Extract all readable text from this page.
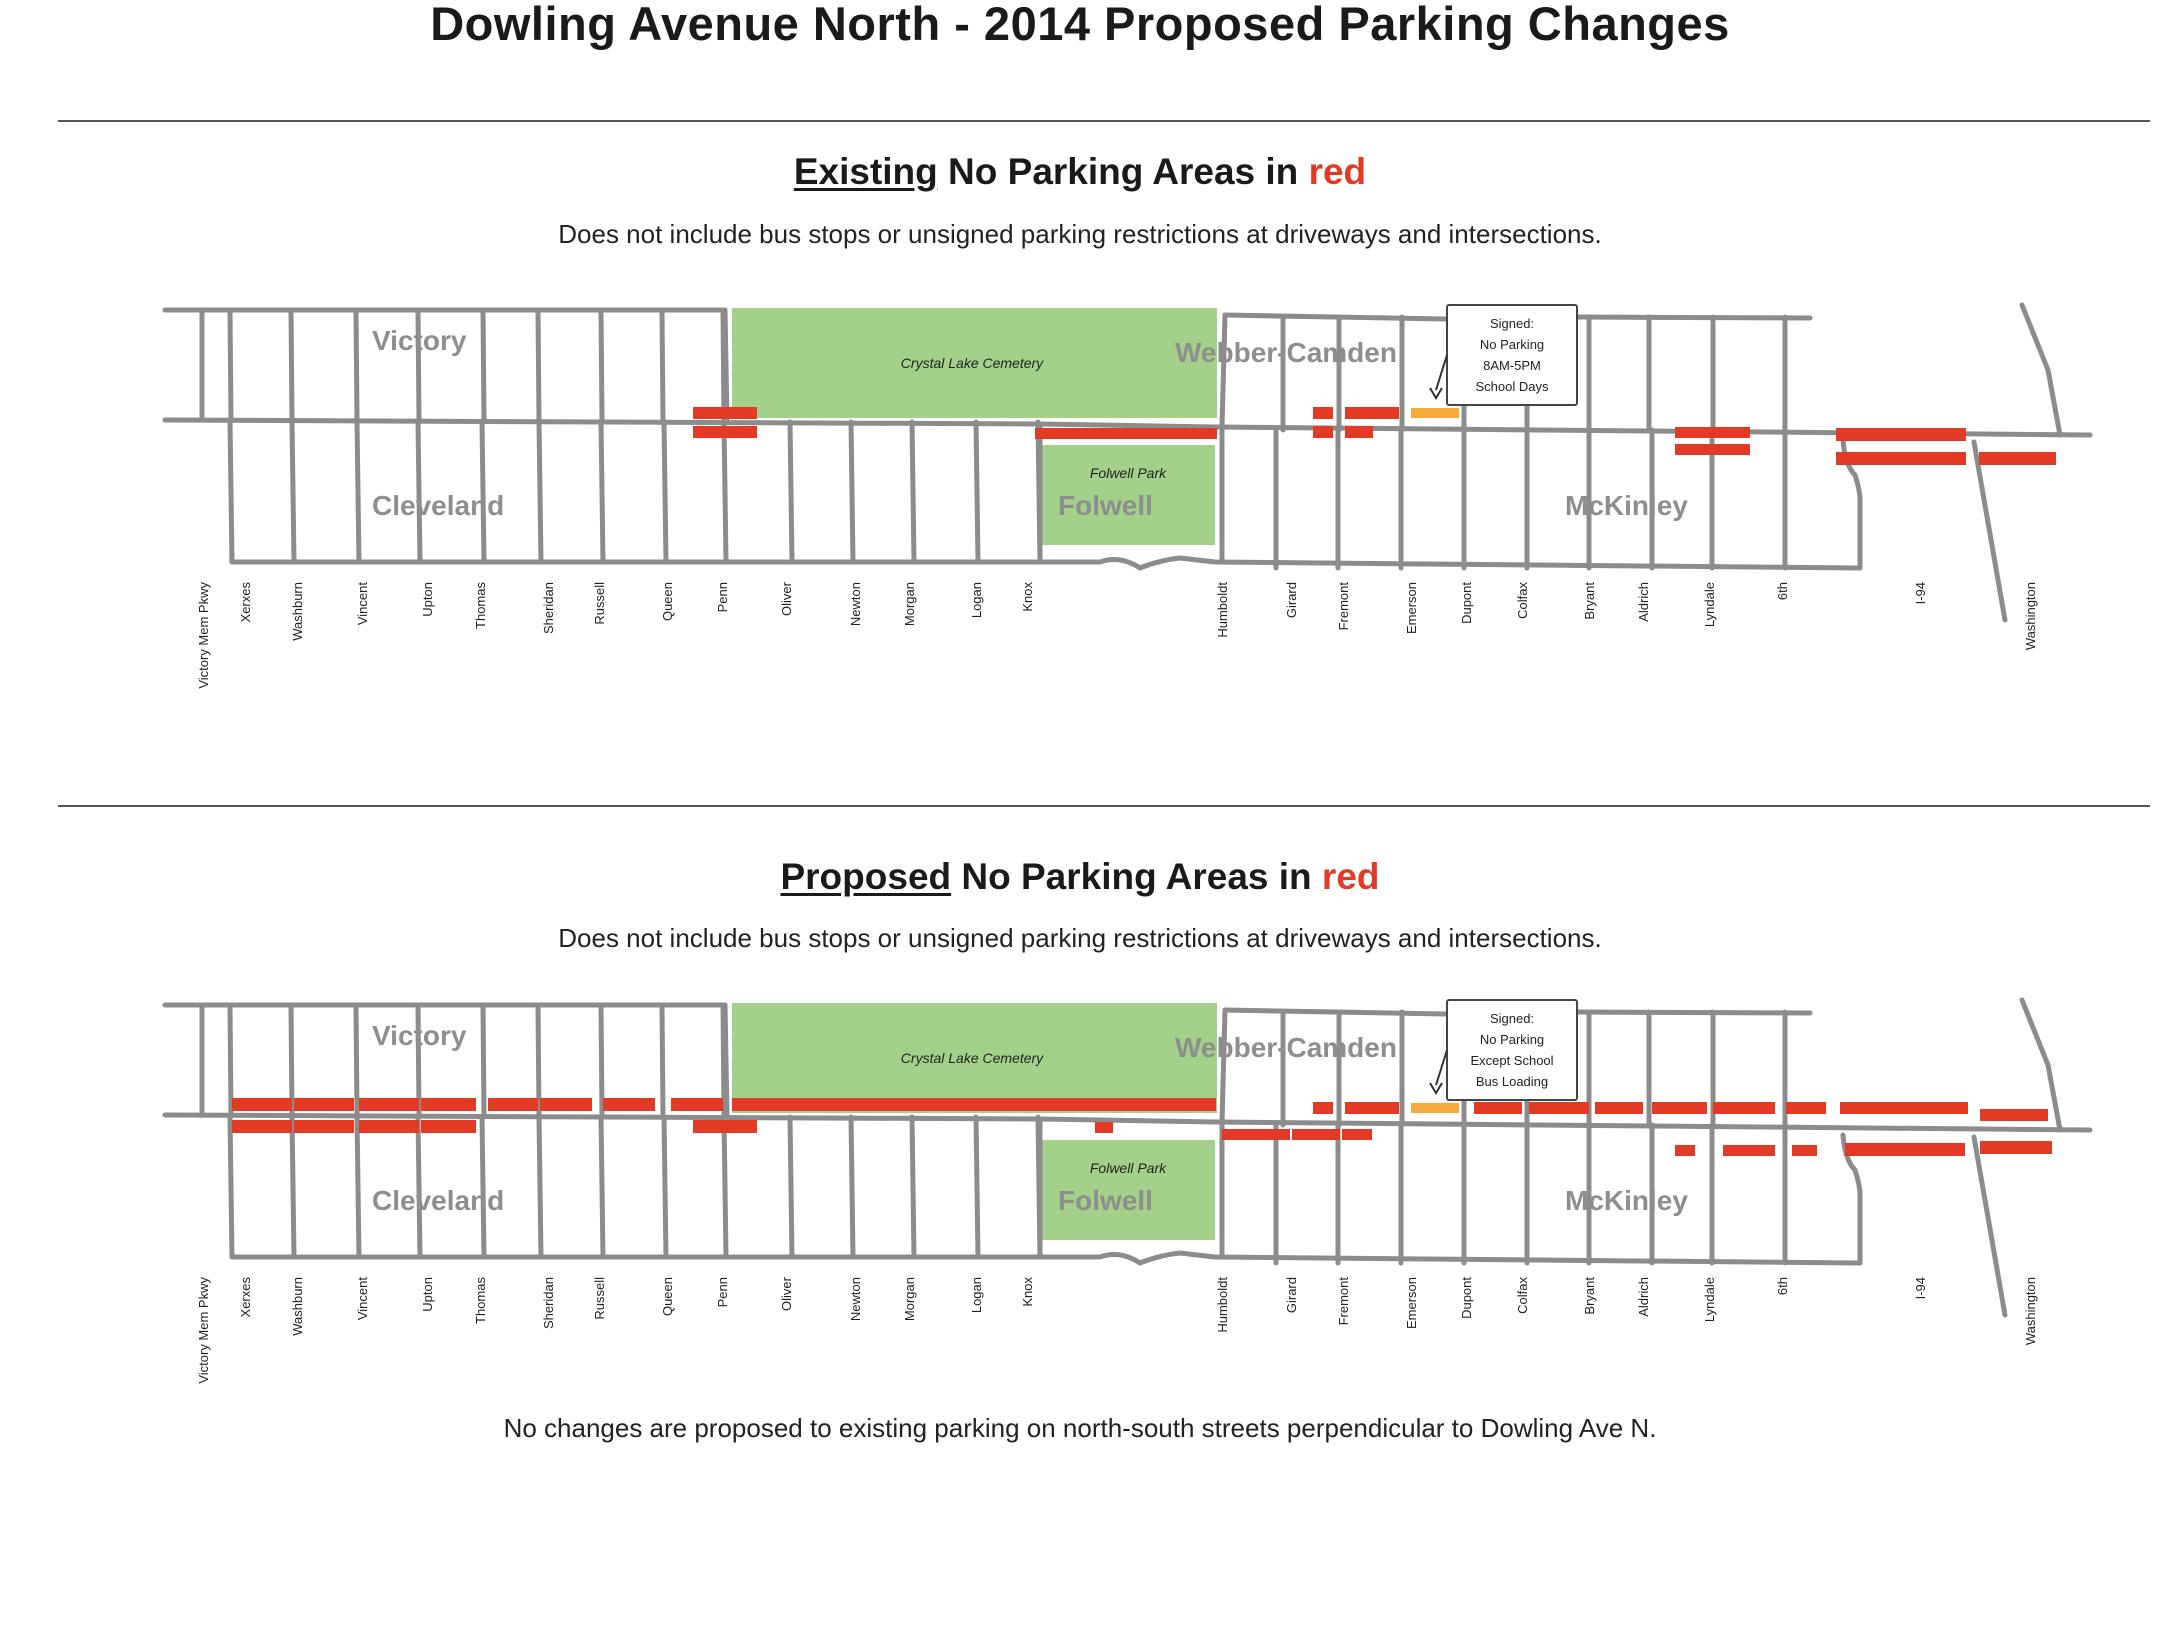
Dowling Avenue North - 2014 Proposed Parking Changes
Existing No Parking Areas in red
Does not include bus stops or unsigned parking restrictions at driveways and intersections.
Victory	Webber-Camden
Cleveland	Folwell	McKinley
Crystal Lake Cemetery
Folwell Park
Victory Mem Pkwy Xerxes	Washburn	Vincent	Upton	Thomas	Sheridan	Russell	Queen	Penn	Oliver	Newton	Morgan	Logan	Knox	Humboldt	Girard	Fremont	Emerson	Dupont	Colfax	Bryant	Aldrich	Lyndale	6th	I-94	Washington
Signed:
No Parking
8AM-5PM
School Days
Proposed No Parking Areas in red
Does not include bus stops or unsigned parking restrictions at driveways and intersections.
Victory	Webber-Camden
Cleveland	Folwell	McKinley
Crystal Lake Cemetery
Folwell Park
Victory Mem Pkwy Xerxes	Washburn	Vincent	Upton	Thomas	Sheridan	Russell	Queen	Penn	Oliver	Newton	Morgan	Logan	Knox	Humboldt	Girard	Fremont	Emerson	Dupont	Colfax	Bryant	Aldrich	Lyndale	6th	I-94	Washington
Signed:
No Parking
Except School
Bus Loading
No changes are proposed to existing parking on north-south streets perpendicular to Dowling Ave N.
